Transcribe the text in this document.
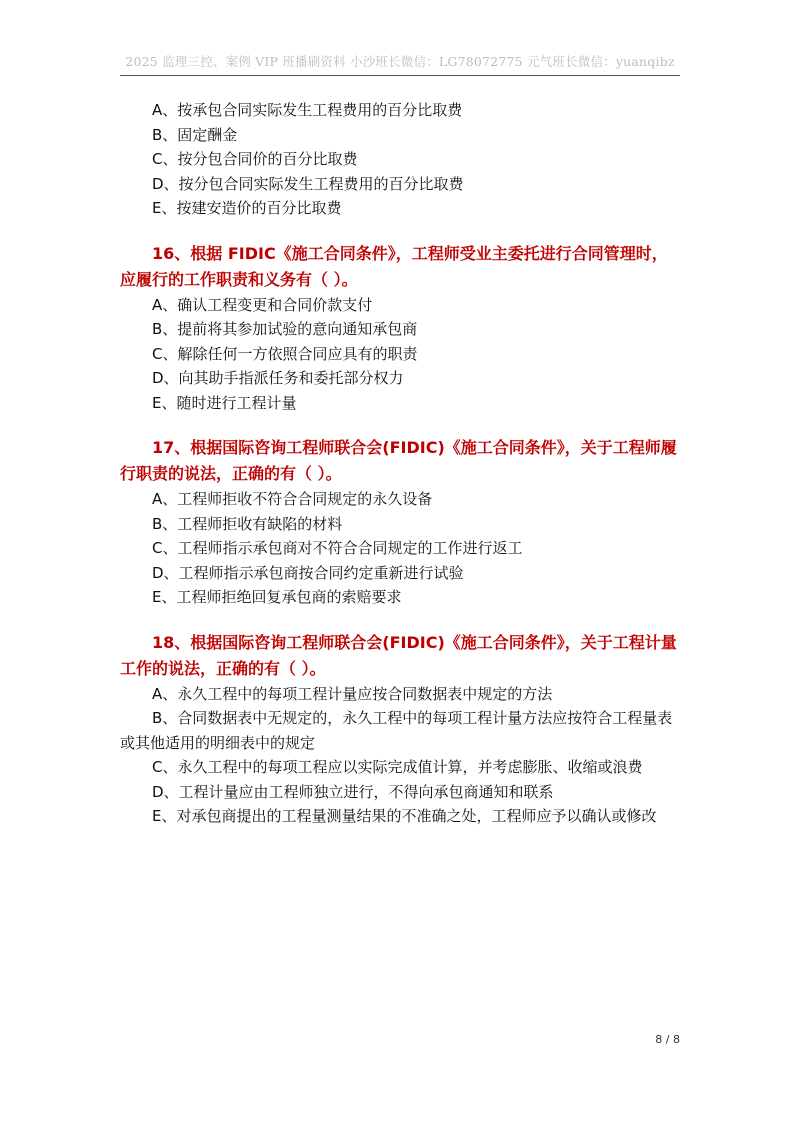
2025 监理三控、案例 VIP 班播刷资料 小沙班长微信：LG78072775 元气班长微信：yuanqibz

A、按承包合同实际发生工程费用的百分比取费

B、固定酬金

C、按分包合同价的百分比取费

D、按分包合同实际发生工程费用的百分比取费

E、按建安造价的百分比取费

16、根据 FIDIC《施工合同条件》，工程师受业主委托进行合同管理时，应履行的工作职责和义务有（ ）。

A、确认工程变更和合同价款支付

B、提前将其参加试验的意向通知承包商

C、解除任何一方依照合同应具有的职责

D、向其助手指派任务和委托部分权力

E、随时进行工程计量

17、根据国际咨询工程师联合会(FIDIC)《施工合同条件》，关于工程师履行职责的说法，正确的有（ ）。

A、工程师拒收不符合合同规定的永久设备

B、工程师拒收有缺陷的材料

C、工程师指示承包商对不符合合同规定的工作进行返工

D、工程师指示承包商按合同约定重新进行试验

E、工程师拒绝回复承包商的索赔要求

18、根据国际咨询工程师联合会(FIDIC)《施工合同条件》，关于工程计量工作的说法，正确的有（ ）。

A、永久工程中的每项工程计量应按合同数据表中规定的方法

B、合同数据表中无规定的，永久工程中的每项工程计量方法应按符合工程量表或其他适用的明细表中的规定

C、永久工程中的每项工程应以实际完成值计算，并考虑膨胀、收缩或浪费

D、工程计量应由工程师独立进行，不得向承包商通知和联系

E、对承包商提出的工程量测量结果的不准确之处，工程师应予以确认或修改

8 / 8
